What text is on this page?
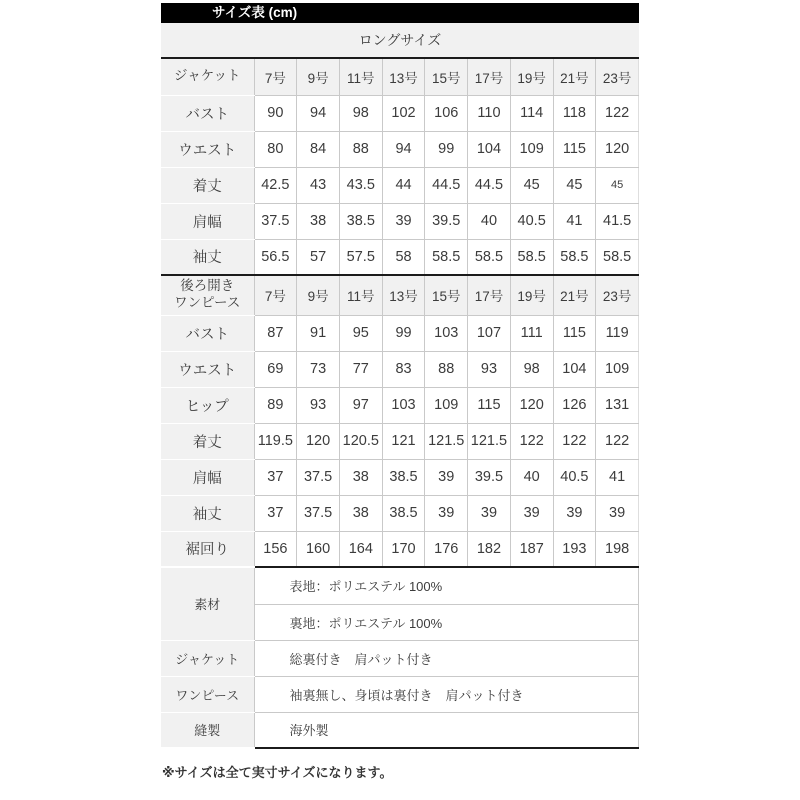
サイズ表 (cm)
ロングサイズ
ジャケット	7号	9号	11号	13号	15号	17号	19号	21号	23号
バスト	90	94	98	102	106	110	114	118	122
ウエスト	80	84	88	94	99	104	109	115	120
着丈	42.5	43	43.5	44	44.5	44.5	45	45	45
肩幅	37.5	38	38.5	39	39.5	40	40.5	41	41.5
袖丈	56.5	57	57.5	58	58.5	58.5	58.5	58.5	58.5
後ろ開き
ワンピース	7号	9号	11号	13号	15号	17号	19号	21号	23号
バスト	87	91	95	99	103	107	111	115	119
ウエスト	69	73	77	83	88	93	98	104	109
ヒップ	89	93	97	103	109	115	120	126	131
着丈	119.5	120	120.5	121	121.5	121.5	122	122	122
肩幅	37	37.5	38	38.5	39	39.5	40	40.5	41
袖丈	37	37.5	38	38.5	39	39	39	39	39
裾回り	156	160	164	170	176	182	187	193	198
素材	表地：ポリエステル 100%
	裏地：ポリエステル 100%
ジャケット	総裏付き　肩パット付き
ワンピース	袖裏無し、身頃は裏付き　肩パット付き
縫製	海外製
※サイズは全て実寸サイズになります。
